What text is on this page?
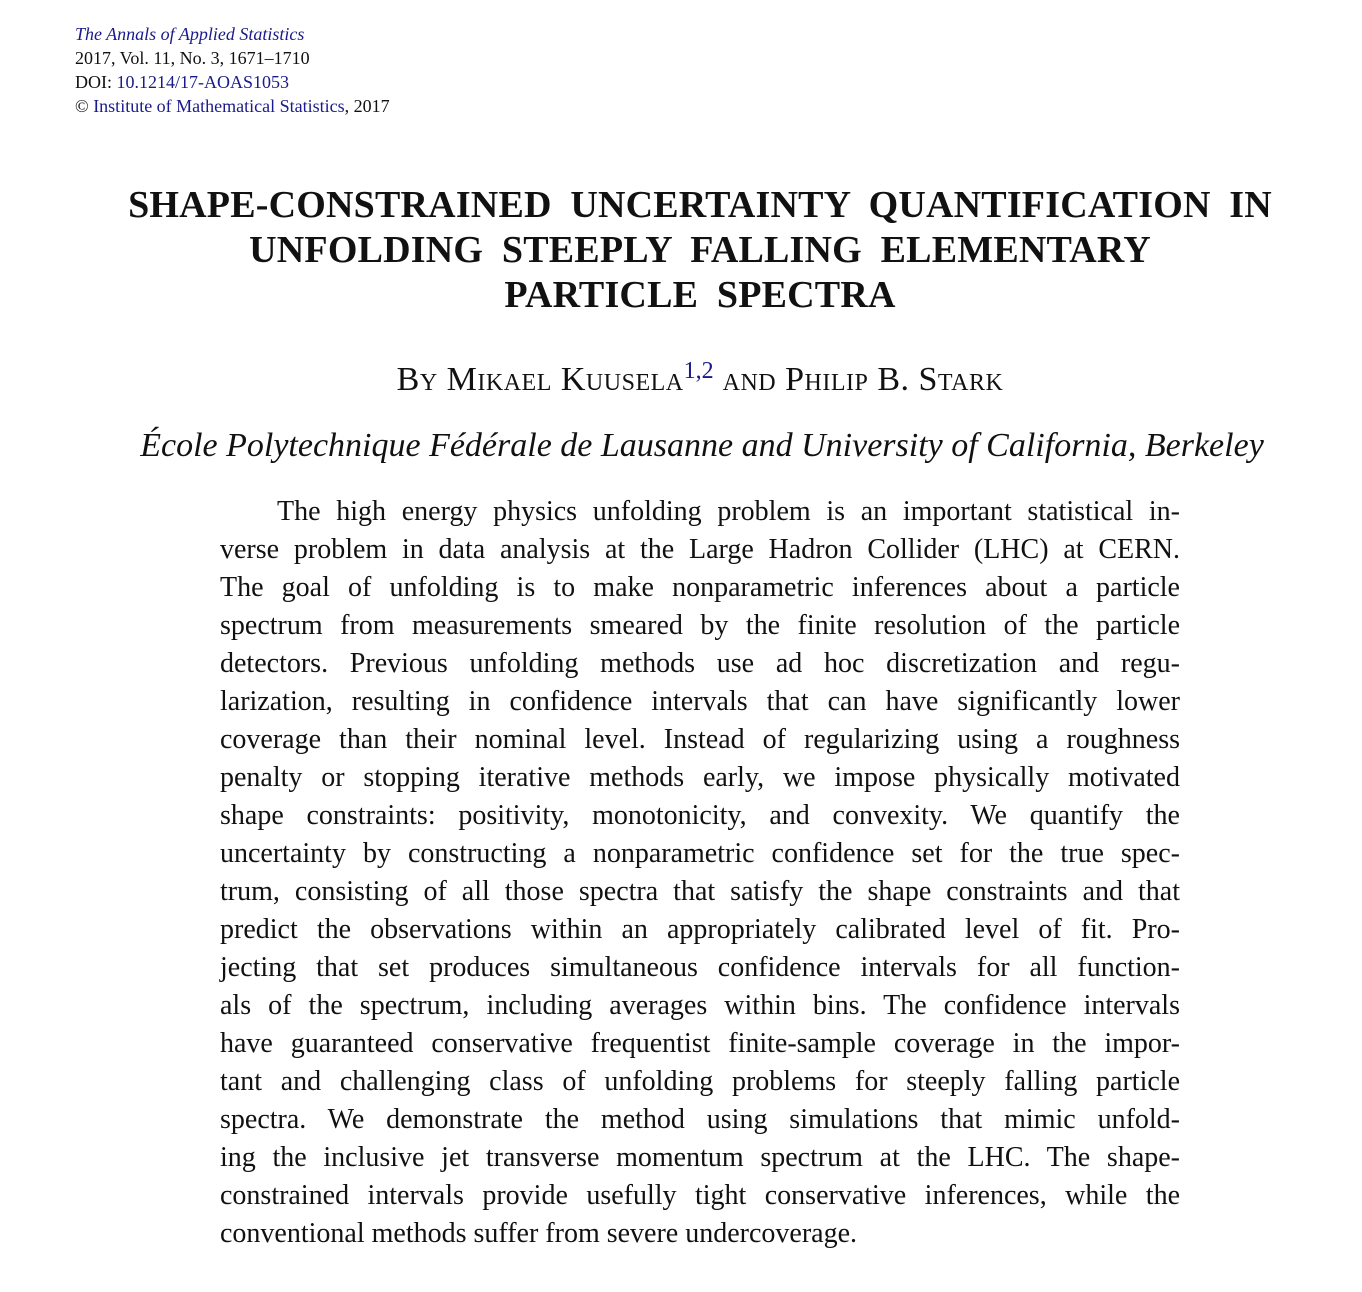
The Annals of Applied Statistics
2017, Vol. 11, No. 3, 1671–1710
DOI: 10.1214/17-AOAS1053
© Institute of Mathematical Statistics, 2017
SHAPE-CONSTRAINED UNCERTAINTY QUANTIFICATION IN
UNFOLDING STEEPLY FALLING ELEMENTARY
PARTICLE SPECTRA
By Mikael Kuusela$^{1,2}$ and Philip B. Stark
École Polytechnique Fédérale de Lausanne and University of California, Berkeley
The high energy physics unfolding problem is an important statistical in-
verse problem in data analysis at the Large Hadron Collider (LHC) at CERN.
The goal of unfolding is to make nonparametric inferences about a particle
spectrum from measurements smeared by the finite resolution of the particle
detectors. Previous unfolding methods use ad hoc discretization and regu-
larization, resulting in confidence intervals that can have significantly lower
coverage than their nominal level. Instead of regularizing using a roughness
penalty or stopping iterative methods early, we impose physically motivated
shape constraints: positivity, monotonicity, and convexity. We quantify the
uncertainty by constructing a nonparametric confidence set for the true spec-
trum, consisting of all those spectra that satisfy the shape constraints and that
predict the observations within an appropriately calibrated level of fit. Pro-
jecting that set produces simultaneous confidence intervals for all function-
als of the spectrum, including averages within bins. The confidence intervals
have guaranteed conservative frequentist finite-sample coverage in the impor-
tant and challenging class of unfolding problems for steeply falling particle
spectra. We demonstrate the method using simulations that mimic unfold-
ing the inclusive jet transverse momentum spectrum at the LHC. The shape-
constrained intervals provide usefully tight conservative inferences, while the
conventional methods suffer from severe undercoverage.
